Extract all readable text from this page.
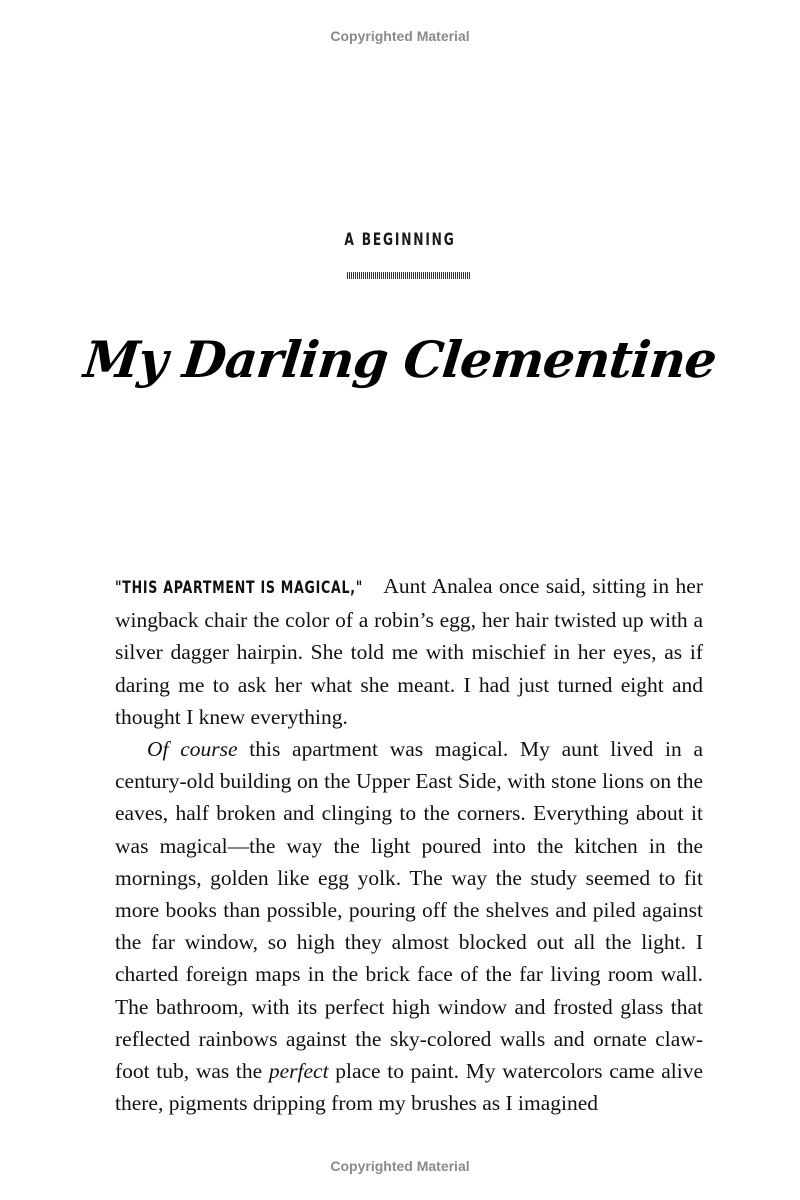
Copyrighted Material
A BEGINNING
My Darling Clementine

"THIS APARTMENT IS MAGICAL," Aunt Analea once said, sitting in her wingback chair the color of a robin’s egg, her hair twisted up with a silver dagger hairpin. She told me with mischief in her eyes, as if daring me to ask her what she meant. I had just turned eight and thought I knew everything.

Of course this apartment was magical. My aunt lived in a century-old building on the Upper East Side, with stone lions on the eaves, half broken and clinging to the corners. Everything about it was magical—the way the light poured into the kitchen in the mornings, golden like egg yolk. The way the study seemed to fit more books than possible, pouring off the shelves and piled against the far window, so high they almost blocked out all the light. I charted foreign maps in the brick face of the far living room wall. The bathroom, with its perfect high window and frosted glass that reflected rainbows against the sky-colored walls and ornate claw-foot tub, was the perfect place to paint. My watercolors came alive there, pigments dripping from my brushes as I imagined

Copyrighted Material
